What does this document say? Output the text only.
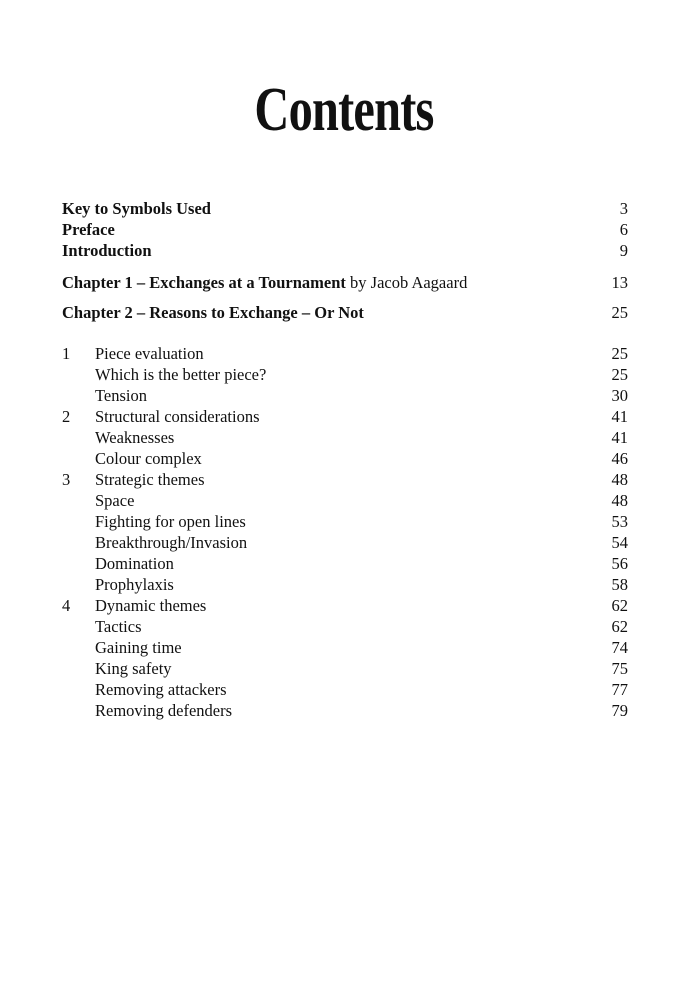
Contents
Key to Symbols Used	3
Preface	6
Introduction	9
Chapter 1 – Exchanges at a Tournament by Jacob Aagaard	13
Chapter 2 – Reasons to Exchange – Or Not	25
1 Piece evaluation	25
Which is the better piece?	25
Tension	30
2 Structural considerations	41
Weaknesses	41
Colour complex	46
3 Strategic themes	48
Space	48
Fighting for open lines	53
Breakthrough/Invasion	54
Domination	56
Prophylaxis	58
4 Dynamic themes	62
Tactics	62
Gaining time	74
King safety	75
Removing attackers	77
Removing defenders	79
